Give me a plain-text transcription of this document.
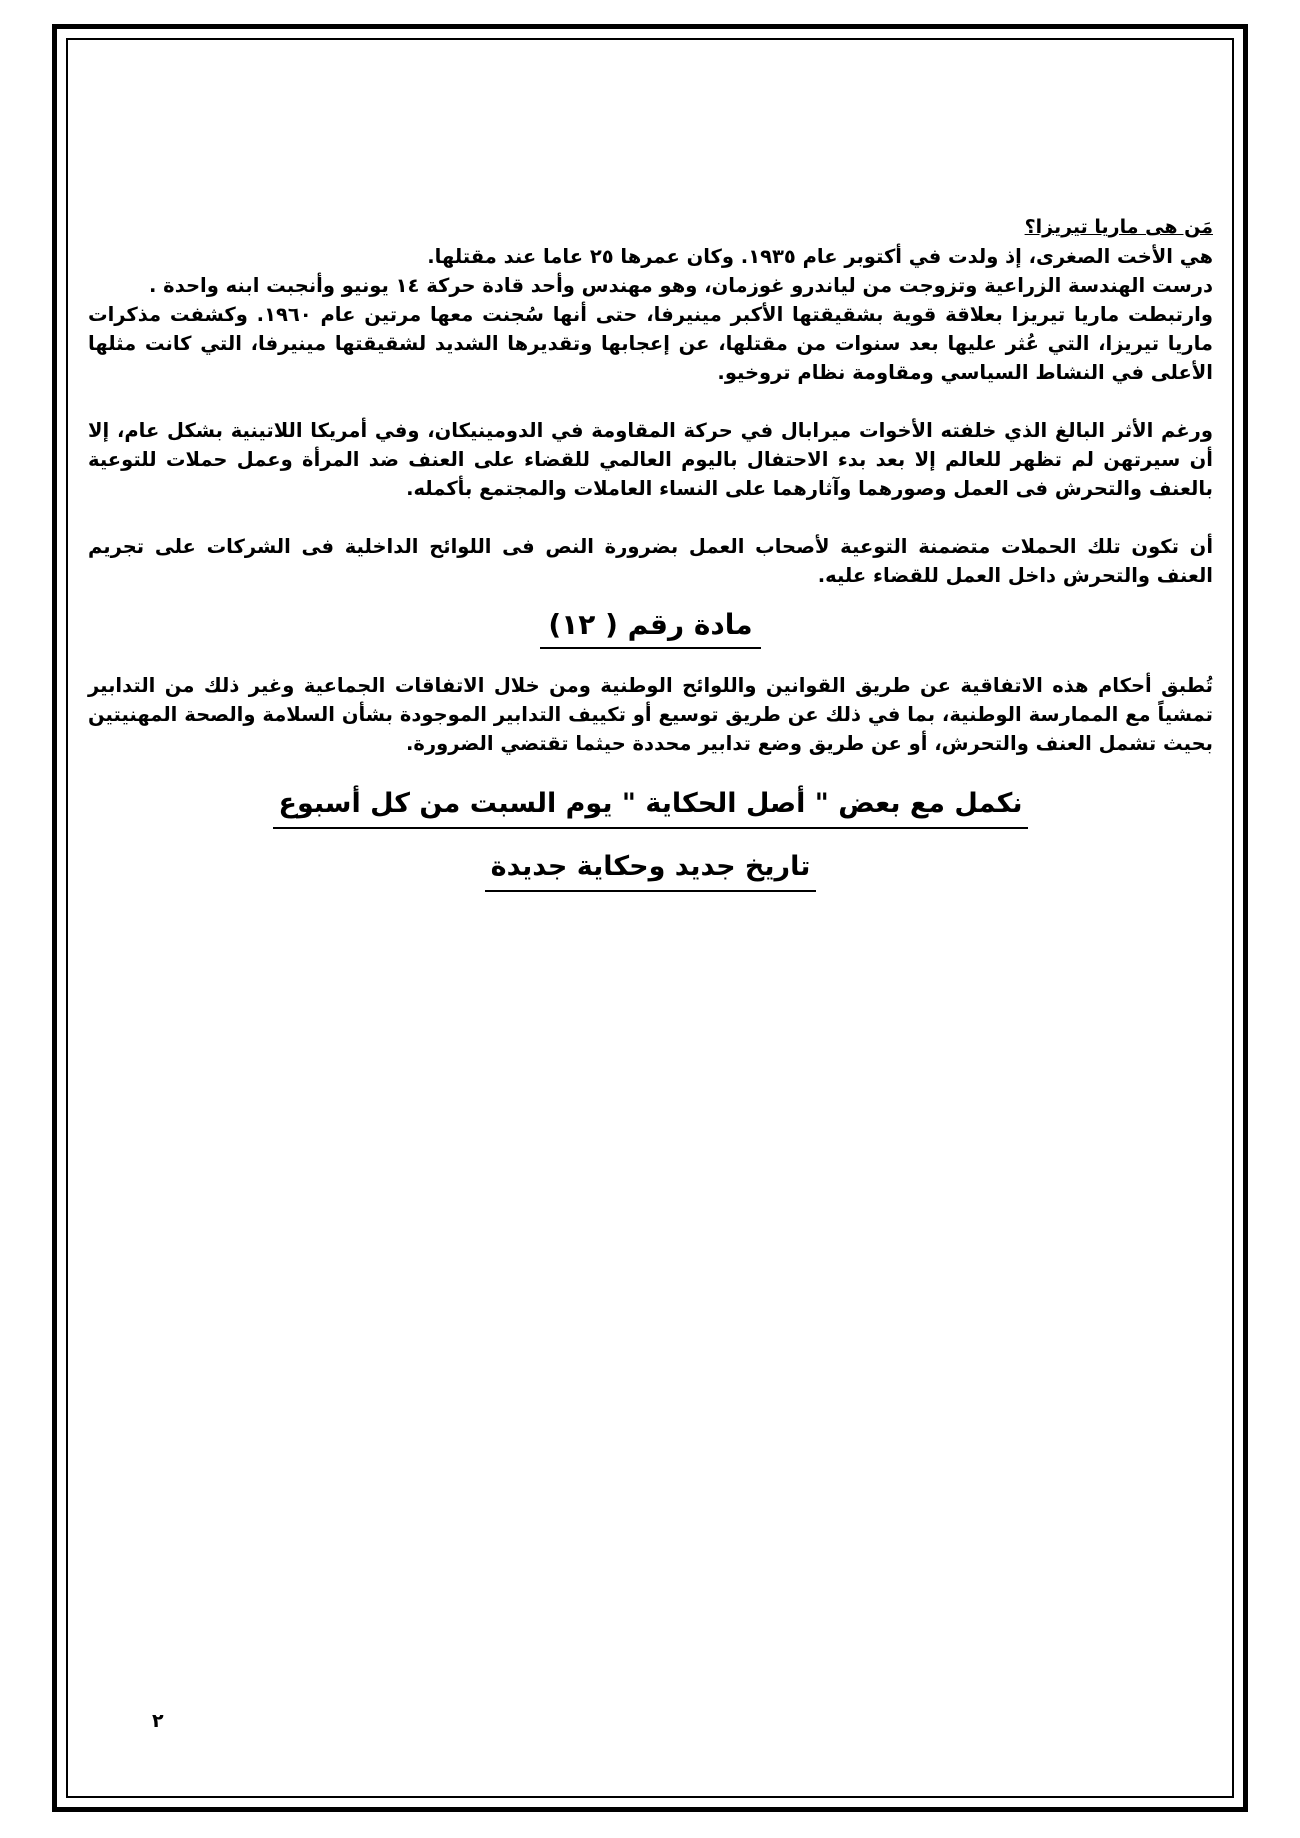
مَن هى ماريا تيريزا؟

هي الأخت الصغرى، إذ ولدت في أكتوبر عام ١٩٣٥. وكان عمرها ٢٥ عاما عند مقتلها.

درست الهندسة الزراعية وتزوجت من لياندرو غوزمان، وهو مهندس وأحد قادة حركة ١٤ يونيو وأنجبت ابنه واحدة .

وارتبطت ماريا تيريزا بعلاقة قوية بشقيقتها الأكبر مينيرفا، حتى أنها سُجنت معها مرتين عام ١٩٦٠. وكشفت مذكرات ماريا تيريزا، التي عُثر عليها بعد سنوات من مقتلها، عن إعجابها وتقديرها الشديد لشقيقتها مينيرفا، التي كانت مثلها الأعلى في النشاط السياسي ومقاومة نظام تروخيو.

ورغم الأثر البالغ الذي خلفته الأخوات ميرابال في حركة المقاومة في الدومينيكان، وفي أمريكا اللاتينية بشكل عام، إلا أن سيرتهن لم تظهر للعالم إلا بعد بدء الاحتفال باليوم العالمي للقضاء على العنف ضد المرأة وعمل حملات للتوعية بالعنف والتحرش فى العمل وصورهما وآثارهما على النساء العاملات والمجتمع بأكمله.

أن تكون تلك الحملات متضمنة التوعية لأصحاب العمل بضرورة النص فى اللوائح الداخلية فى الشركات على تجريم العنف والتحرش داخل العمل للقضاء عليه.

مادة رقم ( ١٢)

تُطبق أحكام هذه الاتفاقية عن طريق القوانين واللوائح الوطنية ومن خلال الاتفاقات الجماعية وغير ذلك من التدابير تمشياً مع الممارسة الوطنية، بما في ذلك عن طريق توسيع أو تكييف التدابير الموجودة بشأن السلامة والصحة المهنيتين بحيث تشمل العنف والتحرش، أو عن طريق وضع تدابير محددة حيثما تقتضي الضرورة.

نكمل مع بعض " أصل الحكاية " يوم السبت من كل أسبوع
تاريخ جديد وحكاية جديدة
٢
